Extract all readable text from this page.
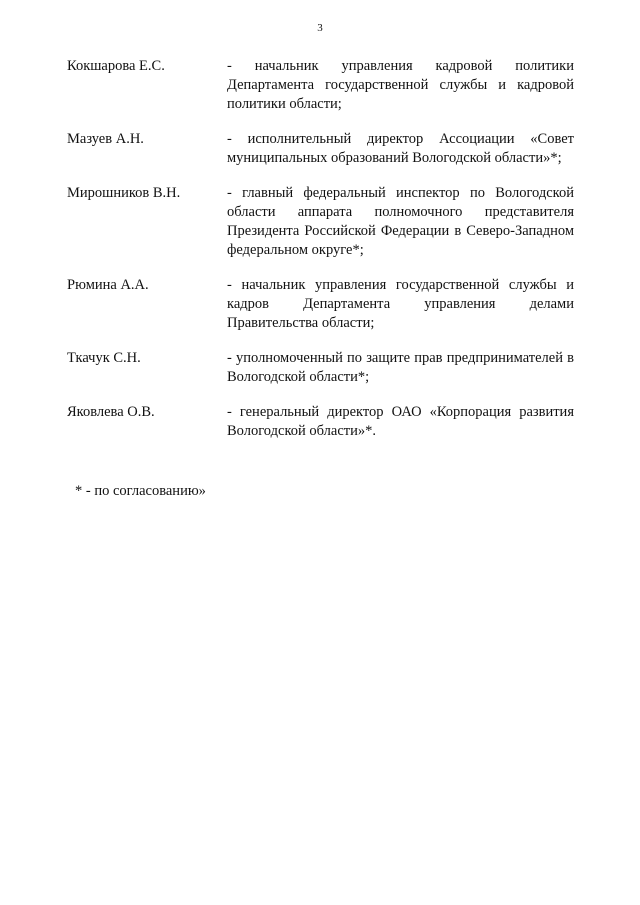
3
Кокшарова Е.С.	- начальник управления кадровой политики Департамента государственной службы и кадровой политики области;
Мазуев А.Н.	- исполнительный директор Ассоциации «Совет муниципальных образований Вологодской области»*;
Мирошников В.Н.	- главный федеральный инспектор по Вологодской области аппарата полномочного представителя Президента Российской Федерации в Северо-Западном федеральном округе*;
Рюмина А.А.	- начальник управления государственной службы и кадров Департамента управления делами Правительства области;
Ткачук С.Н.	- уполномоченный по защите прав предпринимателей в Вологодской области*;
Яковлева О.В.	- генеральный директор ОАО «Корпорация развития Вологодской области»*.
* - по согласованию»
